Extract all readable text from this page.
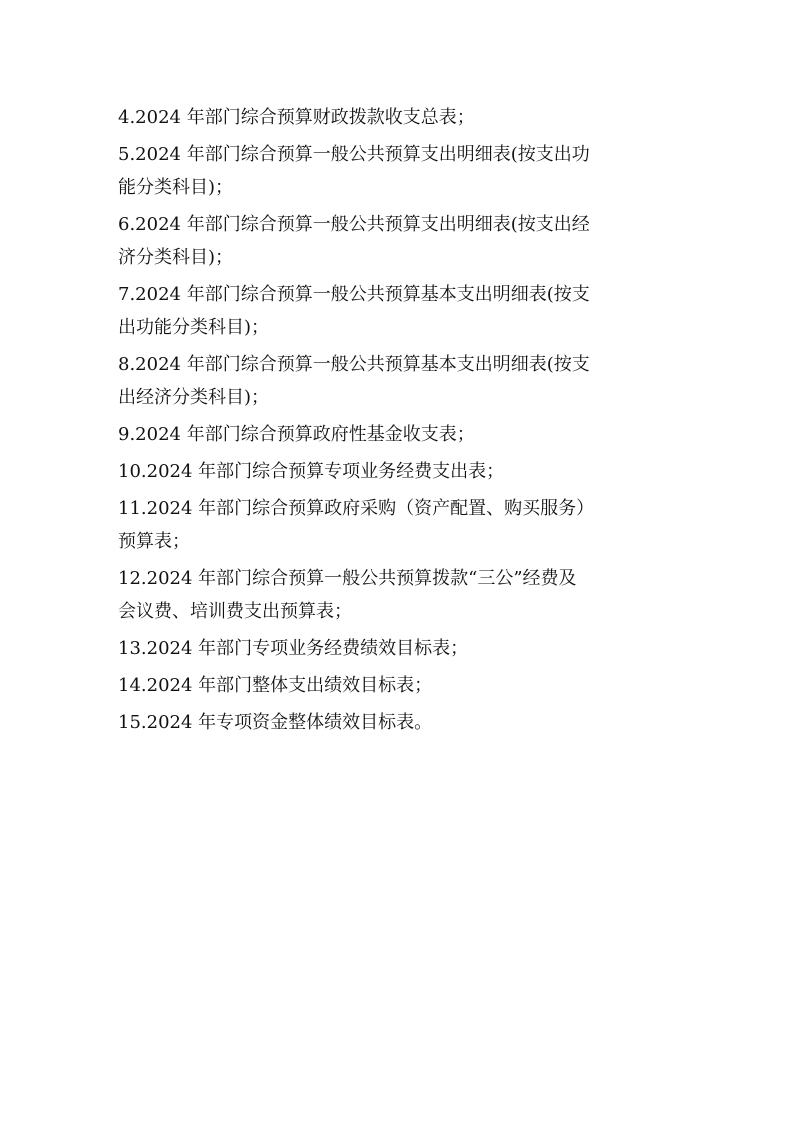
4.2024 年部门综合预算财政拨款收支总表；
5.2024 年部门综合预算一般公共预算支出明细表(按支出功
能分类科目)；
6.2024 年部门综合预算一般公共预算支出明细表(按支出经
济分类科目)；
7.2024 年部门综合预算一般公共预算基本支出明细表(按支
出功能分类科目)；
8.2024 年部门综合预算一般公共预算基本支出明细表(按支
出经济分类科目)；
9.2024 年部门综合预算政府性基金收支表；
10.2024 年部门综合预算专项业务经费支出表；
11.2024 年部门综合预算政府采购（资产配置、购买服务）
预算表；
12.2024 年部门综合预算一般公共预算拨款“三公”经费及
会议费、培训费支出预算表；
13.2024 年部门专项业务经费绩效目标表；
14.2024 年部门整体支出绩效目标表；
15.2024 年专项资金整体绩效目标表。
